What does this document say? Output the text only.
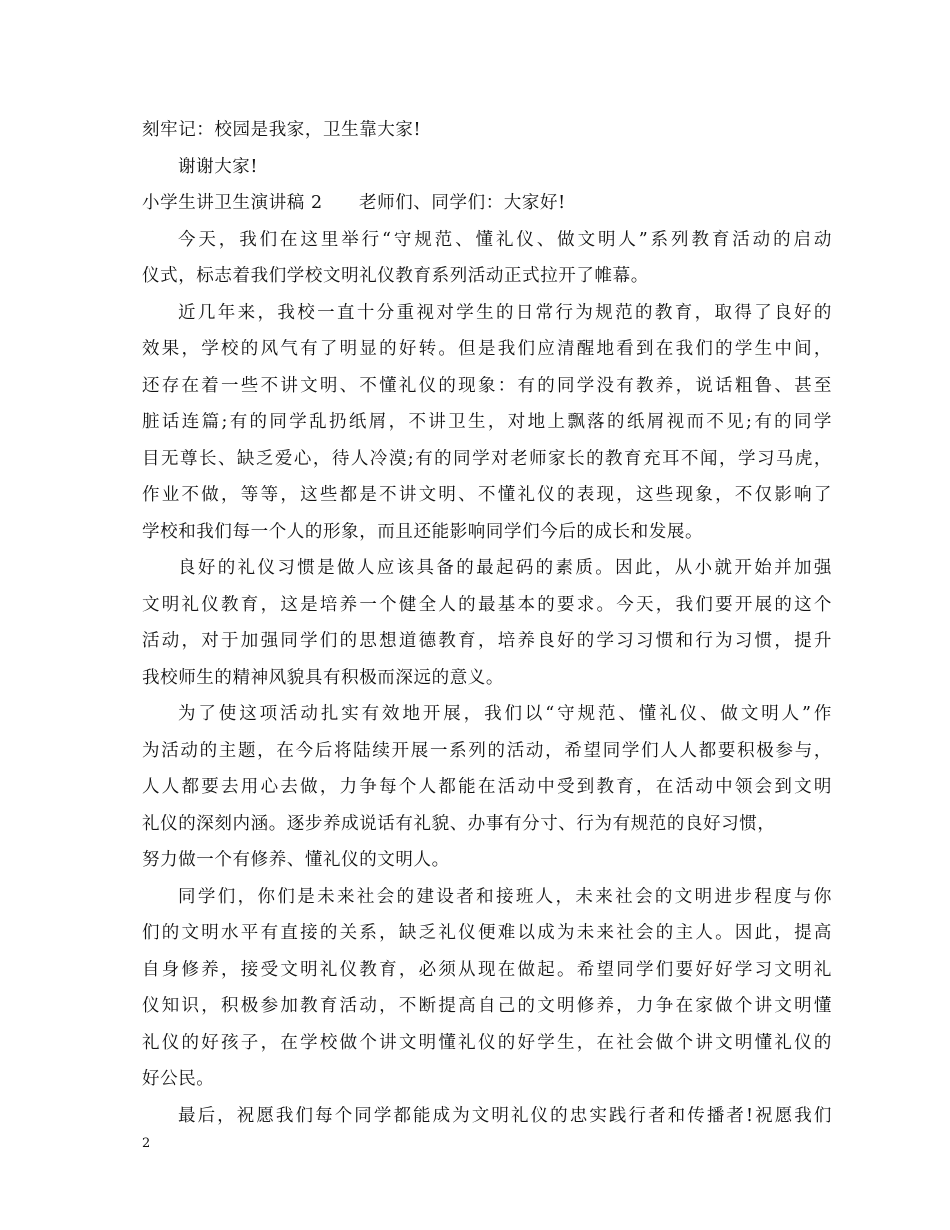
刻牢记：校园是我家，卫生靠大家!
谢谢大家!
小学生讲卫生演讲稿 2　　老师们、同学们：大家好!
今天，我们在这里举行“守规范、懂礼仪、做文明人”系列教育活动的启动
仪式，标志着我们学校文明礼仪教育系列活动正式拉开了帷幕。
近几年来，我校一直十分重视对学生的日常行为规范的教育，取得了良好的
效果，学校的风气有了明显的好转。但是我们应清醒地看到在我们的学生中间，
还存在着一些不讲文明、不懂礼仪的现象：有的同学没有教养，说话粗鲁、甚至
脏话连篇;有的同学乱扔纸屑，不讲卫生，对地上飘落的纸屑视而不见;有的同学
目无尊长、缺乏爱心，待人冷漠;有的同学对老师家长的教育充耳不闻，学习马虎，
作业不做，等等，这些都是不讲文明、不懂礼仪的表现，这些现象，不仅影响了
学校和我们每一个人的形象，而且还能影响同学们今后的成长和发展。
良好的礼仪习惯是做人应该具备的最起码的素质。因此，从小就开始并加强
文明礼仪教育，这是培养一个健全人的最基本的要求。今天，我们要开展的这个
活动，对于加强同学们的思想道德教育，培养良好的学习习惯和行为习惯，提升
我校师生的精神风貌具有积极而深远的意义。
为了使这项活动扎实有效地开展，我们以“守规范、懂礼仪、做文明人”作
为活动的主题，在今后将陆续开展一系列的活动，希望同学们人人都要积极参与，
人人都要去用心去做，力争每个人都能在活动中受到教育，在活动中领会到文明
礼仪的深刻内涵。逐步养成说话有礼貌、办事有分寸、行为有规范的良好习惯，
努力做一个有修养、懂礼仪的文明人。
同学们，你们是未来社会的建设者和接班人，未来社会的文明进步程度与你
们的文明水平有直接的关系，缺乏礼仪便难以成为未来社会的主人。因此，提高
自身修养，接受文明礼仪教育，必须从现在做起。希望同学们要好好学习文明礼
仪知识，积极参加教育活动，不断提高自己的文明修养，力争在家做个讲文明懂
礼仪的好孩子，在学校做个讲文明懂礼仪的好学生，在社会做个讲文明懂礼仪的
好公民。
最后，祝愿我们每个同学都能成为文明礼仪的忠实践行者和传播者!祝愿我们
2
